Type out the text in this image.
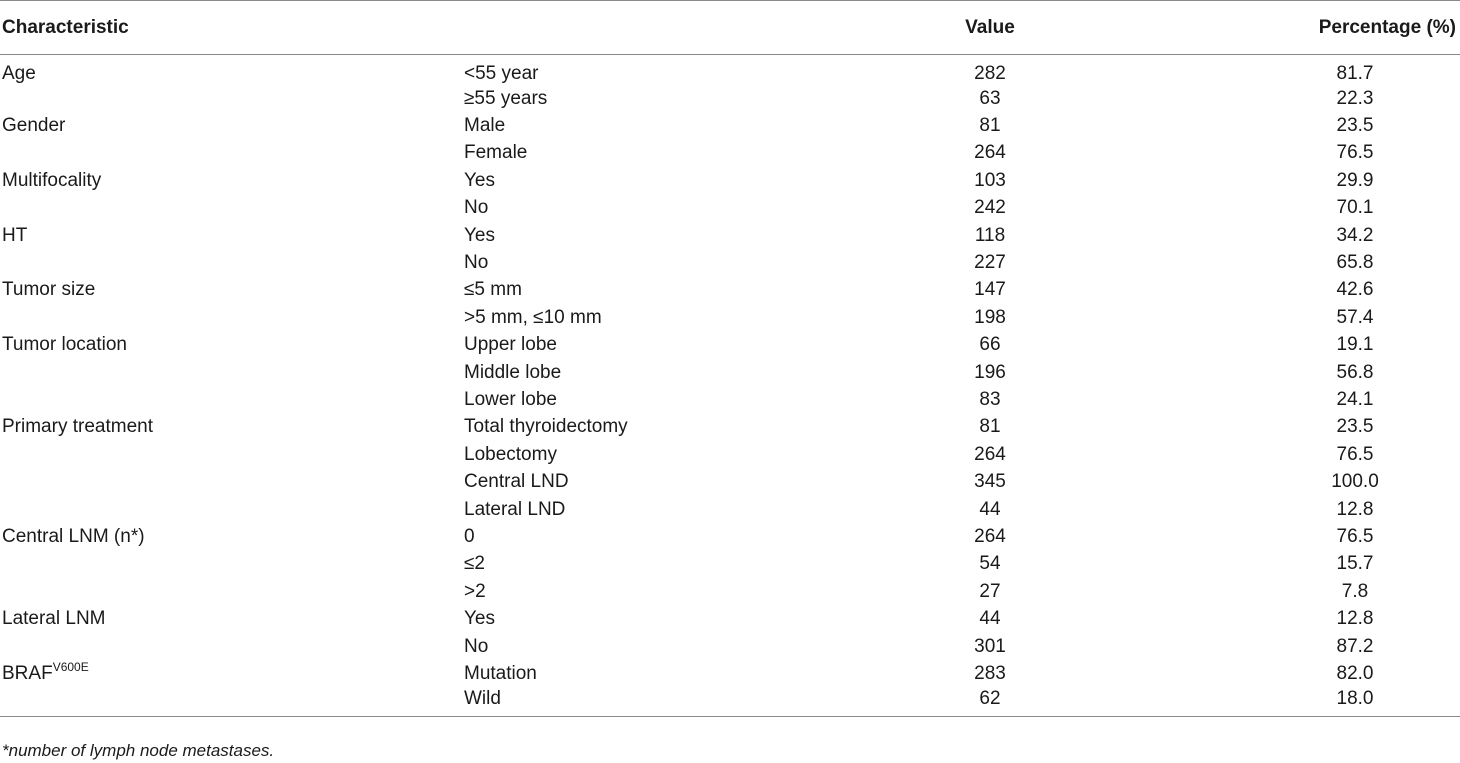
Characteristic		Value	Percentage (%)
Age	<55 year	282	81.7
	≥55 years	63	22.3
Gender	Male	81	23.5
	Female	264	76.5
Multifocality	Yes	103	29.9
	No	242	70.1
HT	Yes	118	34.2
	No	227	65.8
Tumor size	≤5 mm	147	42.6
	>5 mm, ≤10 mm	198	57.4
Tumor location	Upper lobe	66	19.1
	Middle lobe	196	56.8
	Lower lobe	83	24.1
Primary treatment	Total thyroidectomy	81	23.5
	Lobectomy	264	76.5
	Central LND	345	100.0
	Lateral LND	44	12.8
Central LNM (n*)	0	264	76.5
	≤2	54	15.7
	>2	27	7.8
Lateral LNM	Yes	44	12.8
	No	301	87.2
$BRAF^{V600E}$	Mutation	283	82.0
	Wild	62	18.0
*number of lymph node metastases.
